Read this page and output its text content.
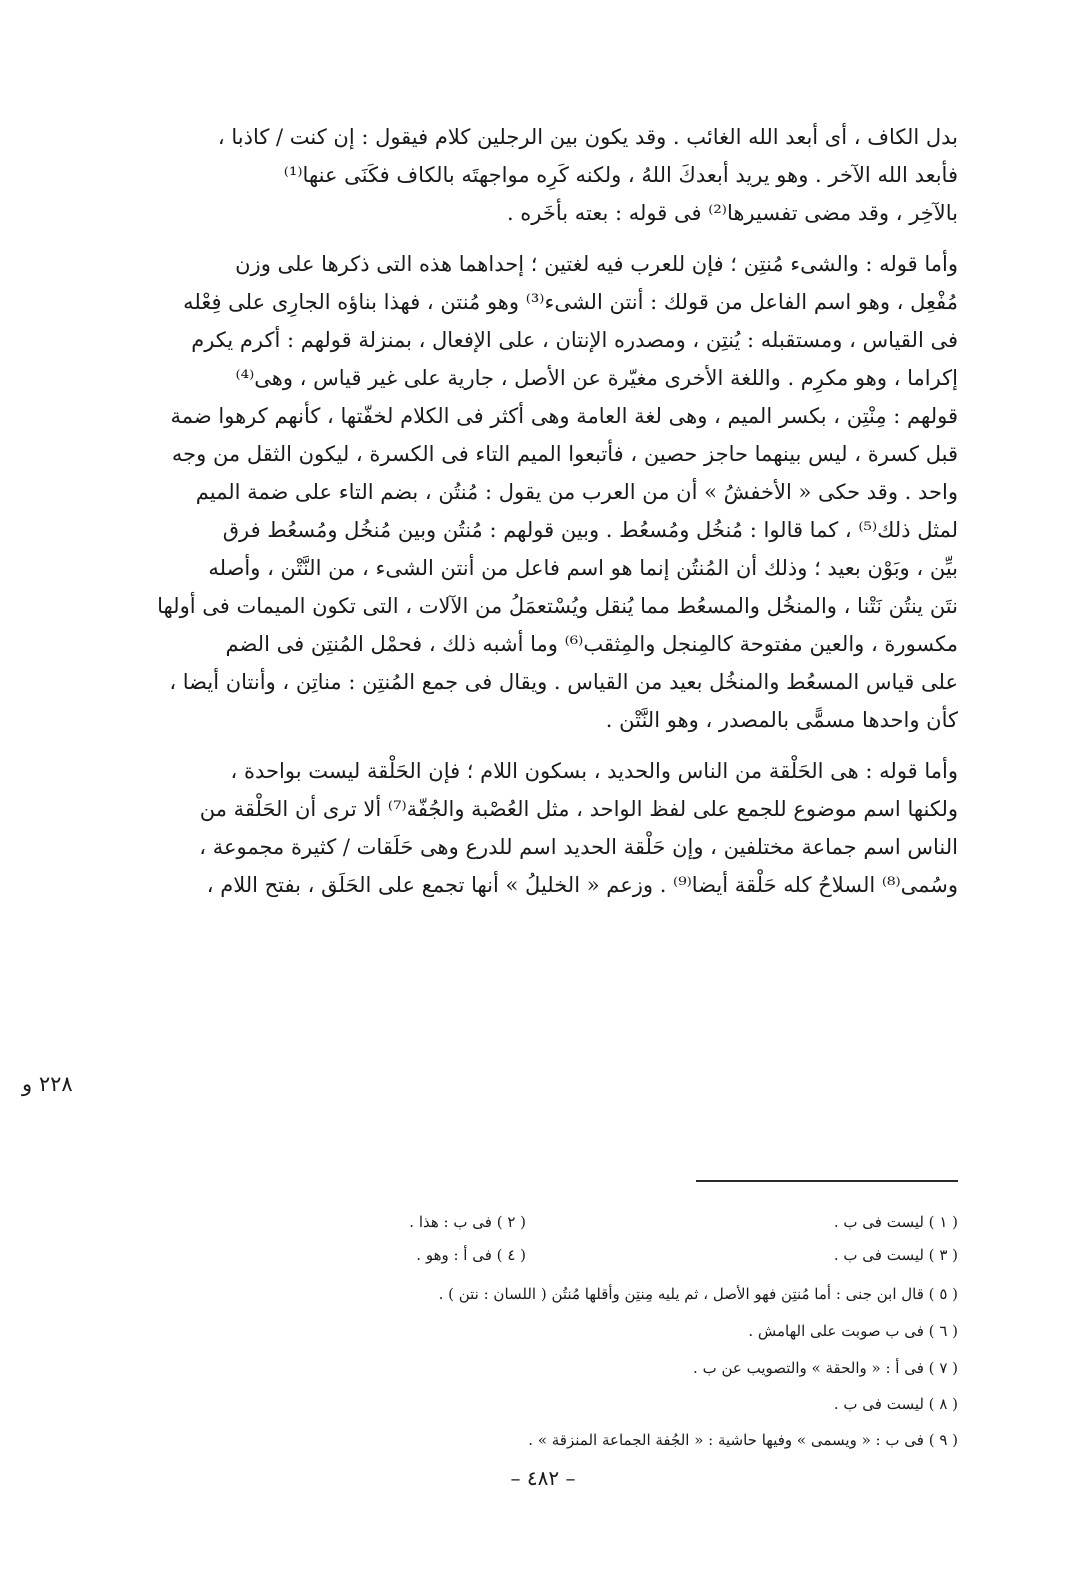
بدل الكاف ، أى أبعد الله الغائب . وقد يكون بين الرجلين كلام فيقول : إن كنت / كاذبا ،

فأبعد الله الآخر . وهو يريد أبعدكَ اللهُ ، ولكنه كَرِه مواجهتَه بالكاف فكَنَى عنها⁽¹⁾

بالآخِر ، وقد مضى تفسيرها⁽²⁾ فى قوله : بعته بأخَره .

وأما قوله : والشىء مُنتِن ؛ فإن للعرب فيه لغتين ؛ إحداهما هذه التى ذكرها على وزن

مُفْعِل ، وهو اسم الفاعل من قولك : أنتن الشىء⁽³⁾ وهو مُنتن ، فهذا بناؤه الجارِى على فِعْله

فى القياس ، ومستقبله : يُنتِن ، ومصدره الإنتان ، على الإفعال ، بمنزلة قولهم : أكرم يكرم

إكراما ، وهو مكرِم . واللغة الأخرى مغيّرة عن الأصل ، جارية على غير قياس ، وهى⁽⁴⁾

قولهم : مِنْتِن ، بكسر الميم ، وهى لغة العامة وهى أكثر فى الكلام لخفّتها ، كأنهم كرهوا ضمة

قبل كسرة ، ليس بينهما حاجز حصين ، فأتبعوا الميم التاء فى الكسرة ، ليكون الثقل من وجه

واحد . وقد حكى « الأخفشُ » أن من العرب من يقول : مُنتُن ، بضم التاء على ضمة الميم

لمثل ذلك⁽⁵⁾ ، كما قالوا : مُنخُل ومُسعُط . وبين قولهم : مُنتُن وبين مُنخُل ومُسعُط فرق

بيِّن ، وبَوْن بعيد ؛ وذلك أن المُنتُن إنما هو اسم فاعل من أنتن الشىء ، من النَّتْن ، وأصله

نتَن ينتُن نَتْنا ، والمنخُل والمسعُط مما يُنقل ويُسْتعمَلُ من الآلات ، التى تكون الميمات فى أولها

مكسورة ، والعين مفتوحة كالمِنجل والمِثقب⁽⁶⁾ وما أشبه ذلك ، فحمْل المُنتِن فى الضم

على قياس المسعُط والمنخُل بعيد من القياس . ويقال فى جمع المُنتِن : مناتِن ، وأنتان أيضا ،

كأن واحدها مسمًّى بالمصدر ، وهو النَّتْن .

وأما قوله : هى الحَلْقة من الناس والحديد ، بسكون اللام ؛ فإن الحَلْقة ليست بواحدة ،

ولكنها اسم موضوع للجمع على لفظ الواحد ، مثل العُصْبة والجُفّة⁽⁷⁾ ألا ترى أن الحَلْقة من

الناس اسم جماعة مختلفين ، وإن حَلْقة الحديد اسم للدرع وهى حَلَقات / كثيرة مجموعة ،

وسُمى⁽⁸⁾ السلاحُ كله حَلْقة أيضا⁽⁹⁾ . وزعم « الخليلُ » أنها تجمع على الحَلَق ، بفتح اللام ،

٢٢٨ و
( ١ ) ليست فى ب .
( ٢ ) فى ب : هذا .
( ٣ ) ليست فى ب .
( ٤ ) فى أ : وهو .
( ٥ ) قال ابن جنى : أما مُنتِن فهو الأصل ، ثم يليه مِنتِن وأقلها مُنتُن ( اللسان : نتن ) .
( ٦ ) فى ب صوبت على الهامش .
( ٧ ) فى أ : « والحقة » والتصويب عن ب .
( ٨ ) ليست فى ب .
( ٩ ) فى ب : « ويسمى » وفيها حاشية : « الجُفة الجماعة المنزقة » .
– ٤٨٢ –
